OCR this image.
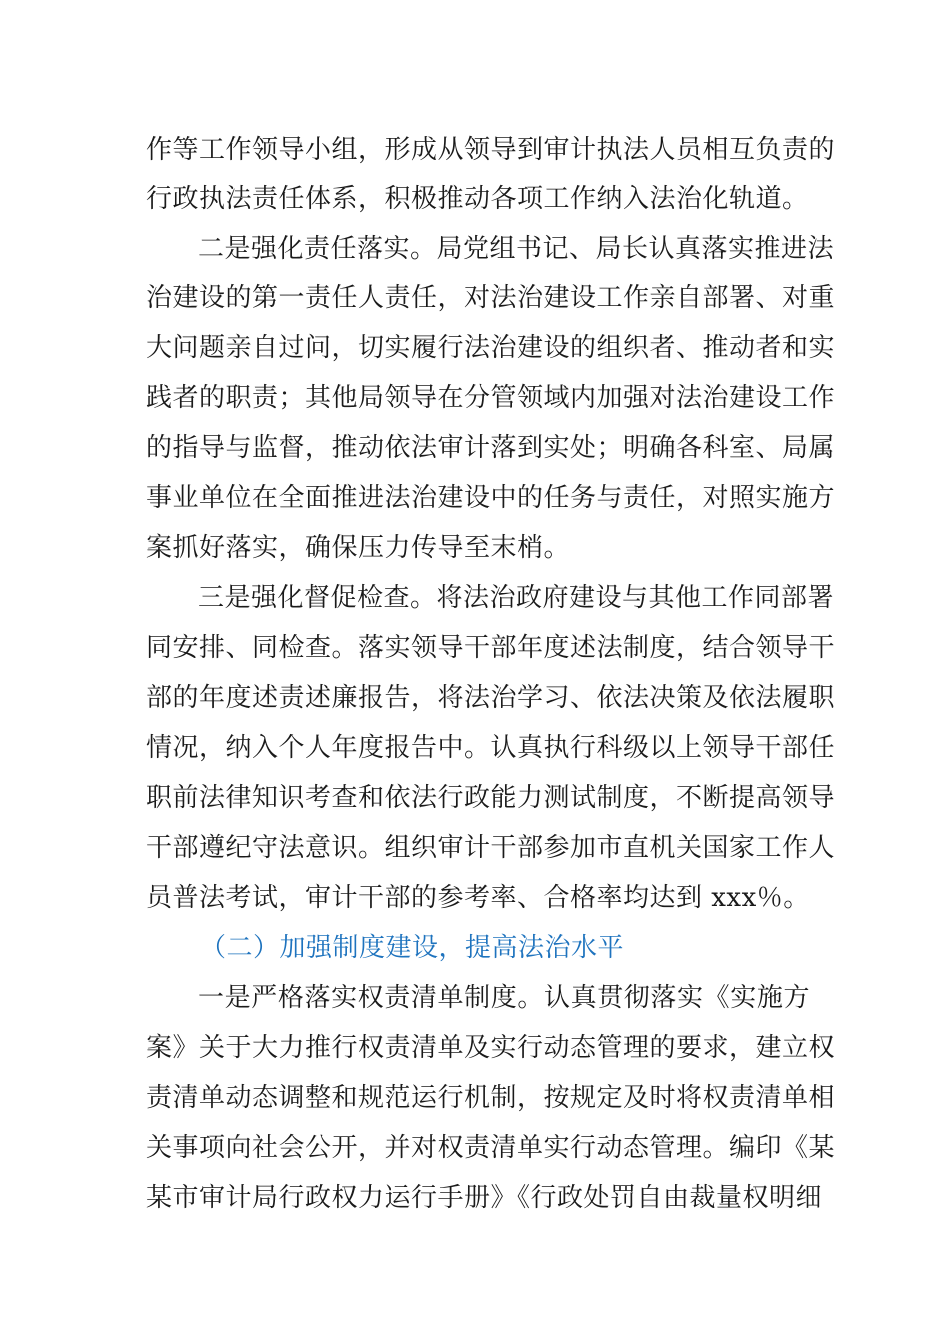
作等工作领导小组，形成从领导到审计执法人员相互负责的
行政执法责任体系，积极推动各项工作纳入法治化轨道。
二是强化责任落实。局党组书记、局长认真落实推进法
治建设的第一责任人责任，对法治建设工作亲自部署、对重
大问题亲自过问，切实履行法治建设的组织者、推动者和实
践者的职责；其他局领导在分管领域内加强对法治建设工作
的指导与监督，推动依法审计落到实处；明确各科室、局属
事业单位在全面推进法治建设中的任务与责任，对照实施方
案抓好落实，确保压力传导至末梢。
三是强化督促检查。将法治政府建设与其他工作同部署
同安排、同检查。落实领导干部年度述法制度，结合领导干
部的年度述责述廉报告，将法治学习、依法决策及依法履职
情况，纳入个人年度报告中。认真执行科级以上领导干部任
职前法律知识考查和依法行政能力测试制度，不断提高领导
干部遵纪守法意识。组织审计干部参加市直机关国家工作人
员普法考试，审计干部的参考率、合格率均达到 xxx％。
（二）加强制度建设，提高法治水平
一是严格落实权责清单制度。认真贯彻落实《实施方
案》关于大力推行权责清单及实行动态管理的要求，建立权
责清单动态调整和规范运行机制，按规定及时将权责清单相
关事项向社会公开，并对权责清单实行动态管理。编印《某
某市审计局行政权力运行手册》《行政处罚自由裁量权明细
